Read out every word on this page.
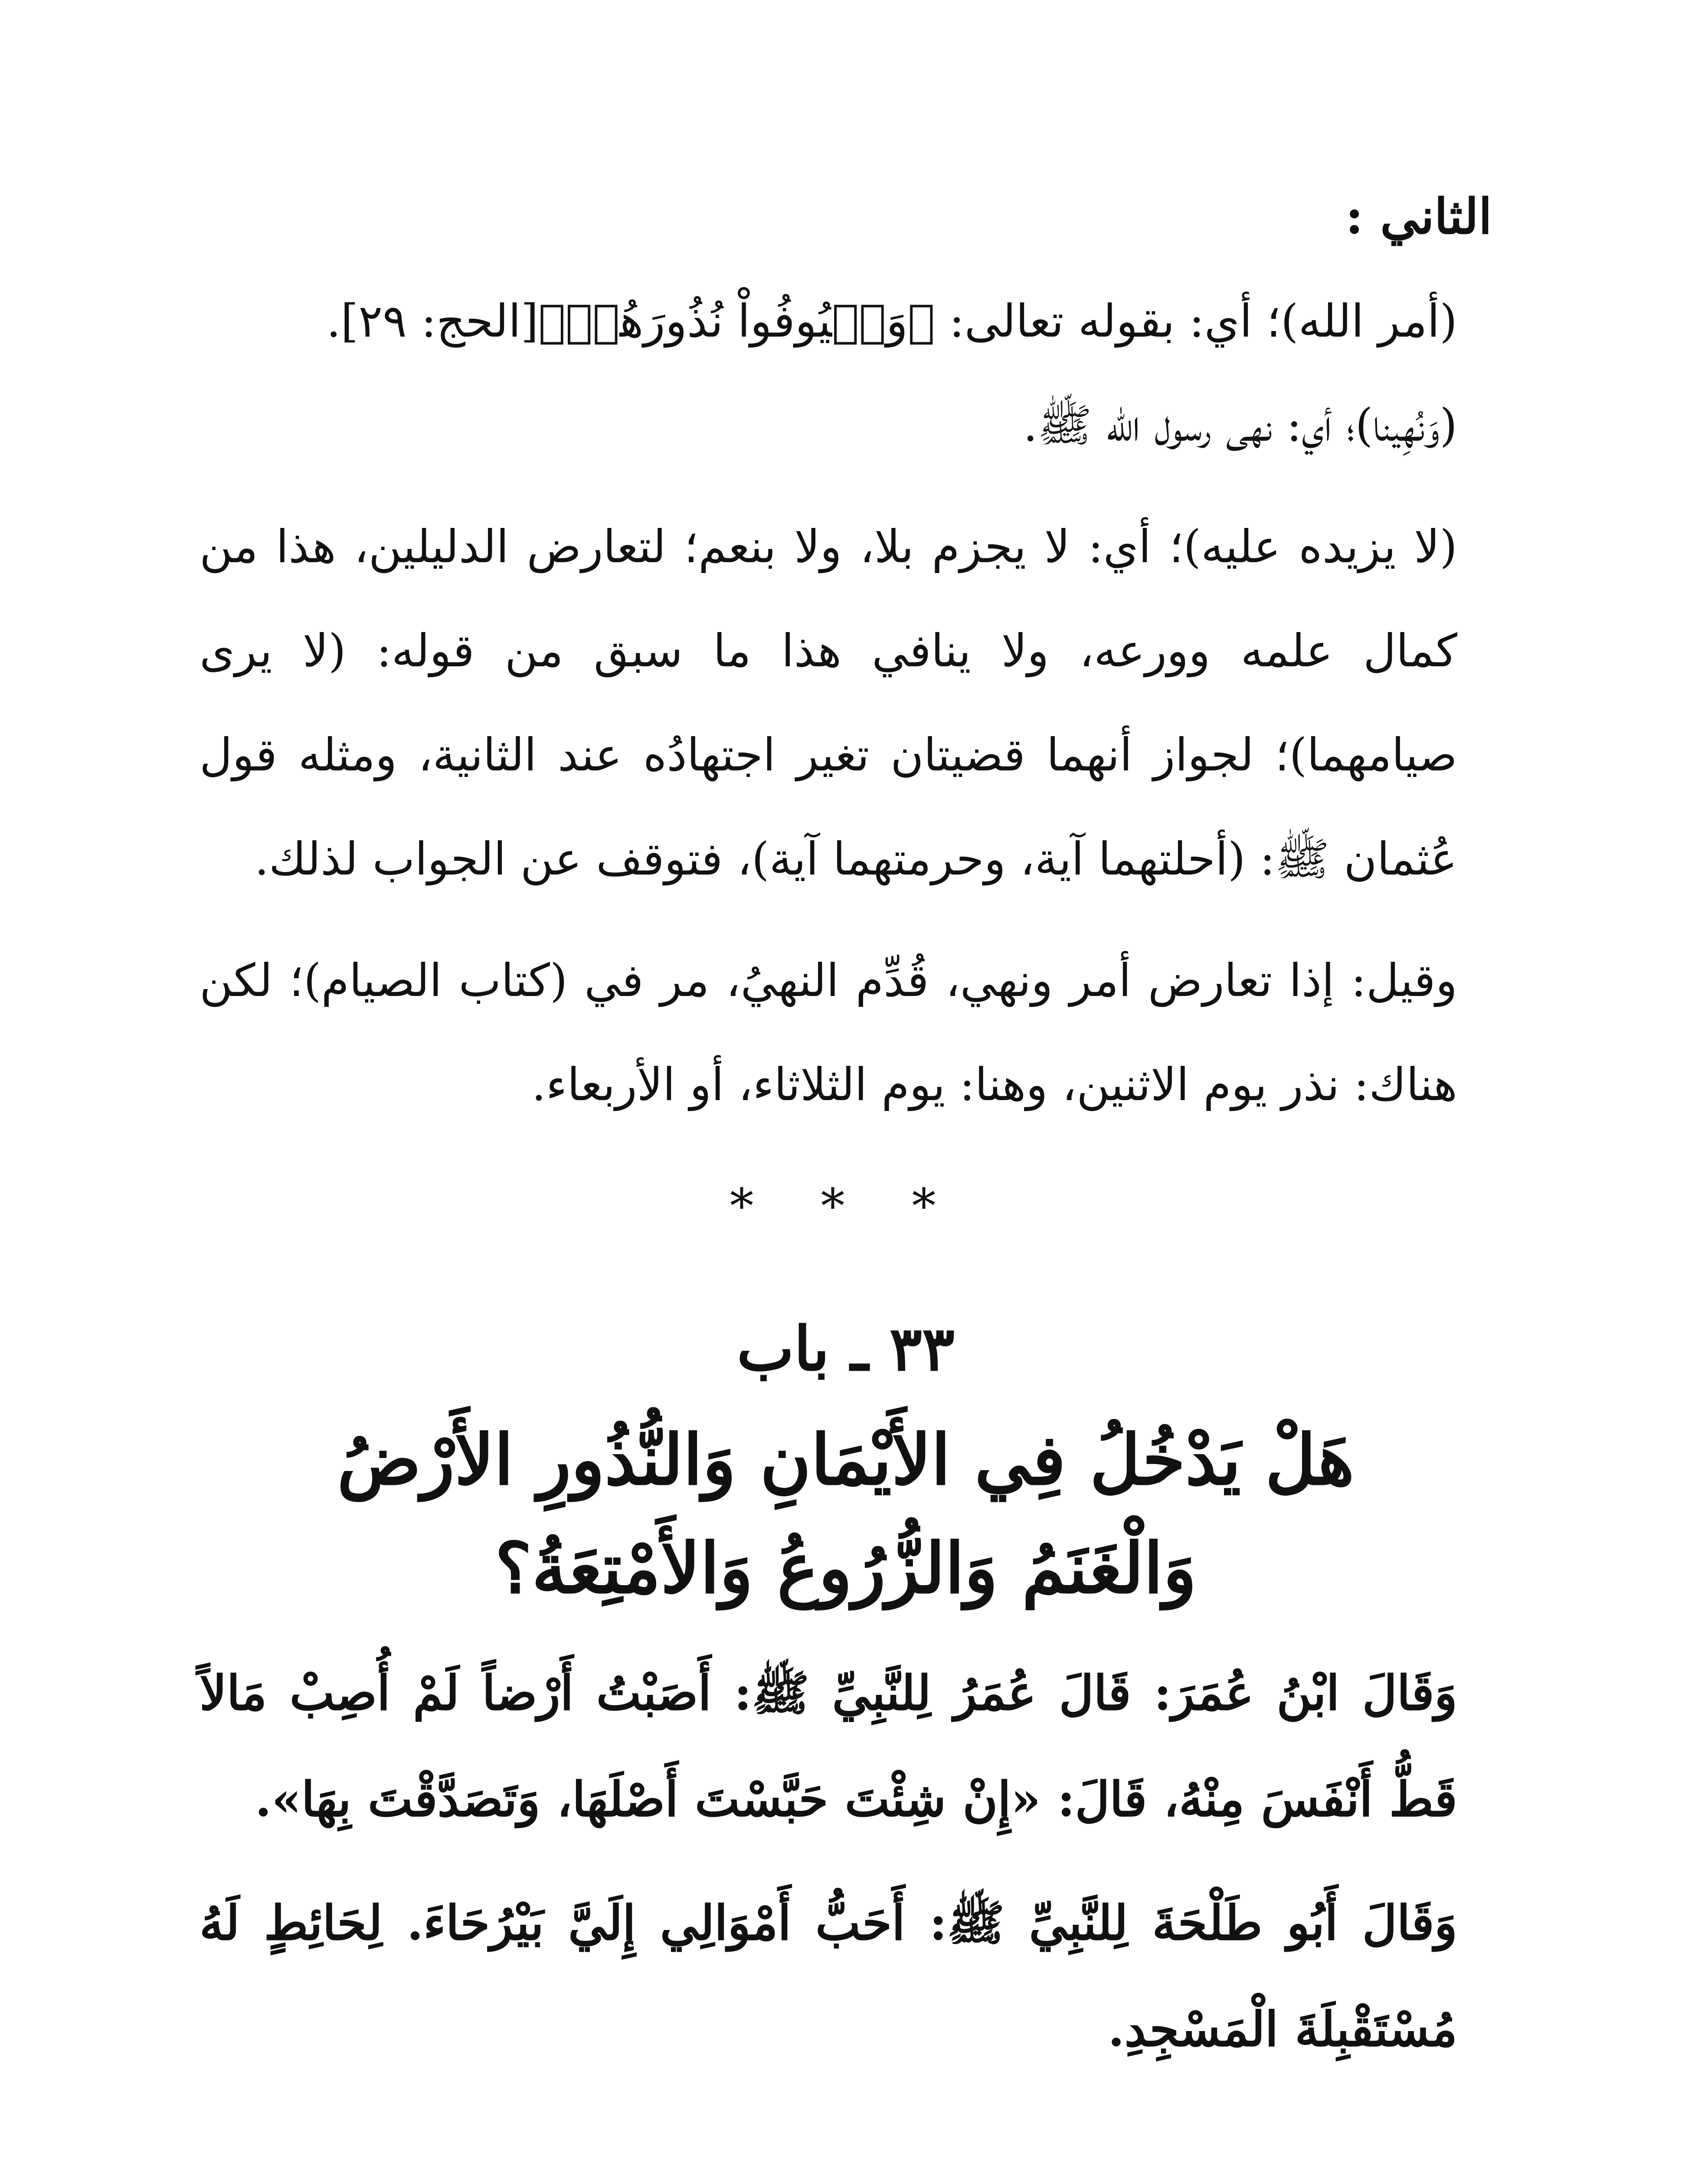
الثاني :

(أمر الله)؛ أي: بقوله تعالى: ﴿وَلۡيُوفُواْ نُذُورَهُمۡ﴾[الحج: ٢٩].

(وَنُهِينا)؛ أي: نهى رسول الله ﷺ.

(لا يزيده عليه)؛ أي: لا يجزم بلا، ولا بنعم؛ لتعارض الدليلين، هذا من كمال علمه وورعه، ولا ينافي هذا ما سبق من قوله: (لا يرى صيامهما)؛ لجواز أنهما قضيتان تغير اجتهادُه عند الثانية، ومثله قول عُثمان ﷺ: (أحلتهما آية، وحرمتهما آية)، فتوقف عن الجواب لذلك.

وقيل: إذا تعارض أمر ونهي، قُدِّم النهيُ، مر في (كتاب الصيام)؛ لكن هناك: نذر يوم الاثنين، وهنا: يوم الثلاثاء، أو الأربعاء.

* * *
٣٣ ـ باب
هَلْ يَدْخُلُ فِي الأَيْمَانِ وَالنُّذُورِ الأَرْضُ
وَالْغَنَمُ وَالزُّرُوعُ وَالأَمْتِعَةُ؟

وَقَالَ ابْنُ عُمَرَ: قَالَ عُمَرُ لِلنَّبِيِّ ﷺ: أَصَبْتُ أَرْضاً لَمْ أُصِبْ مَالاً قَطُّ أَنْفَسَ مِنْهُ، قَالَ: «إِنْ شِئْتَ حَبَّسْتَ أَصْلَهَا، وَتَصَدَّقْتَ بِهَا».

وَقَالَ أَبُو طَلْحَةَ لِلنَّبِيِّ ﷺ: أَحَبُّ أَمْوَالِي إِلَيَّ بَيْرُحَاءَ. لِحَائِطٍ لَهُ مُسْتَقْبِلَةَ الْمَسْجِدِ.
